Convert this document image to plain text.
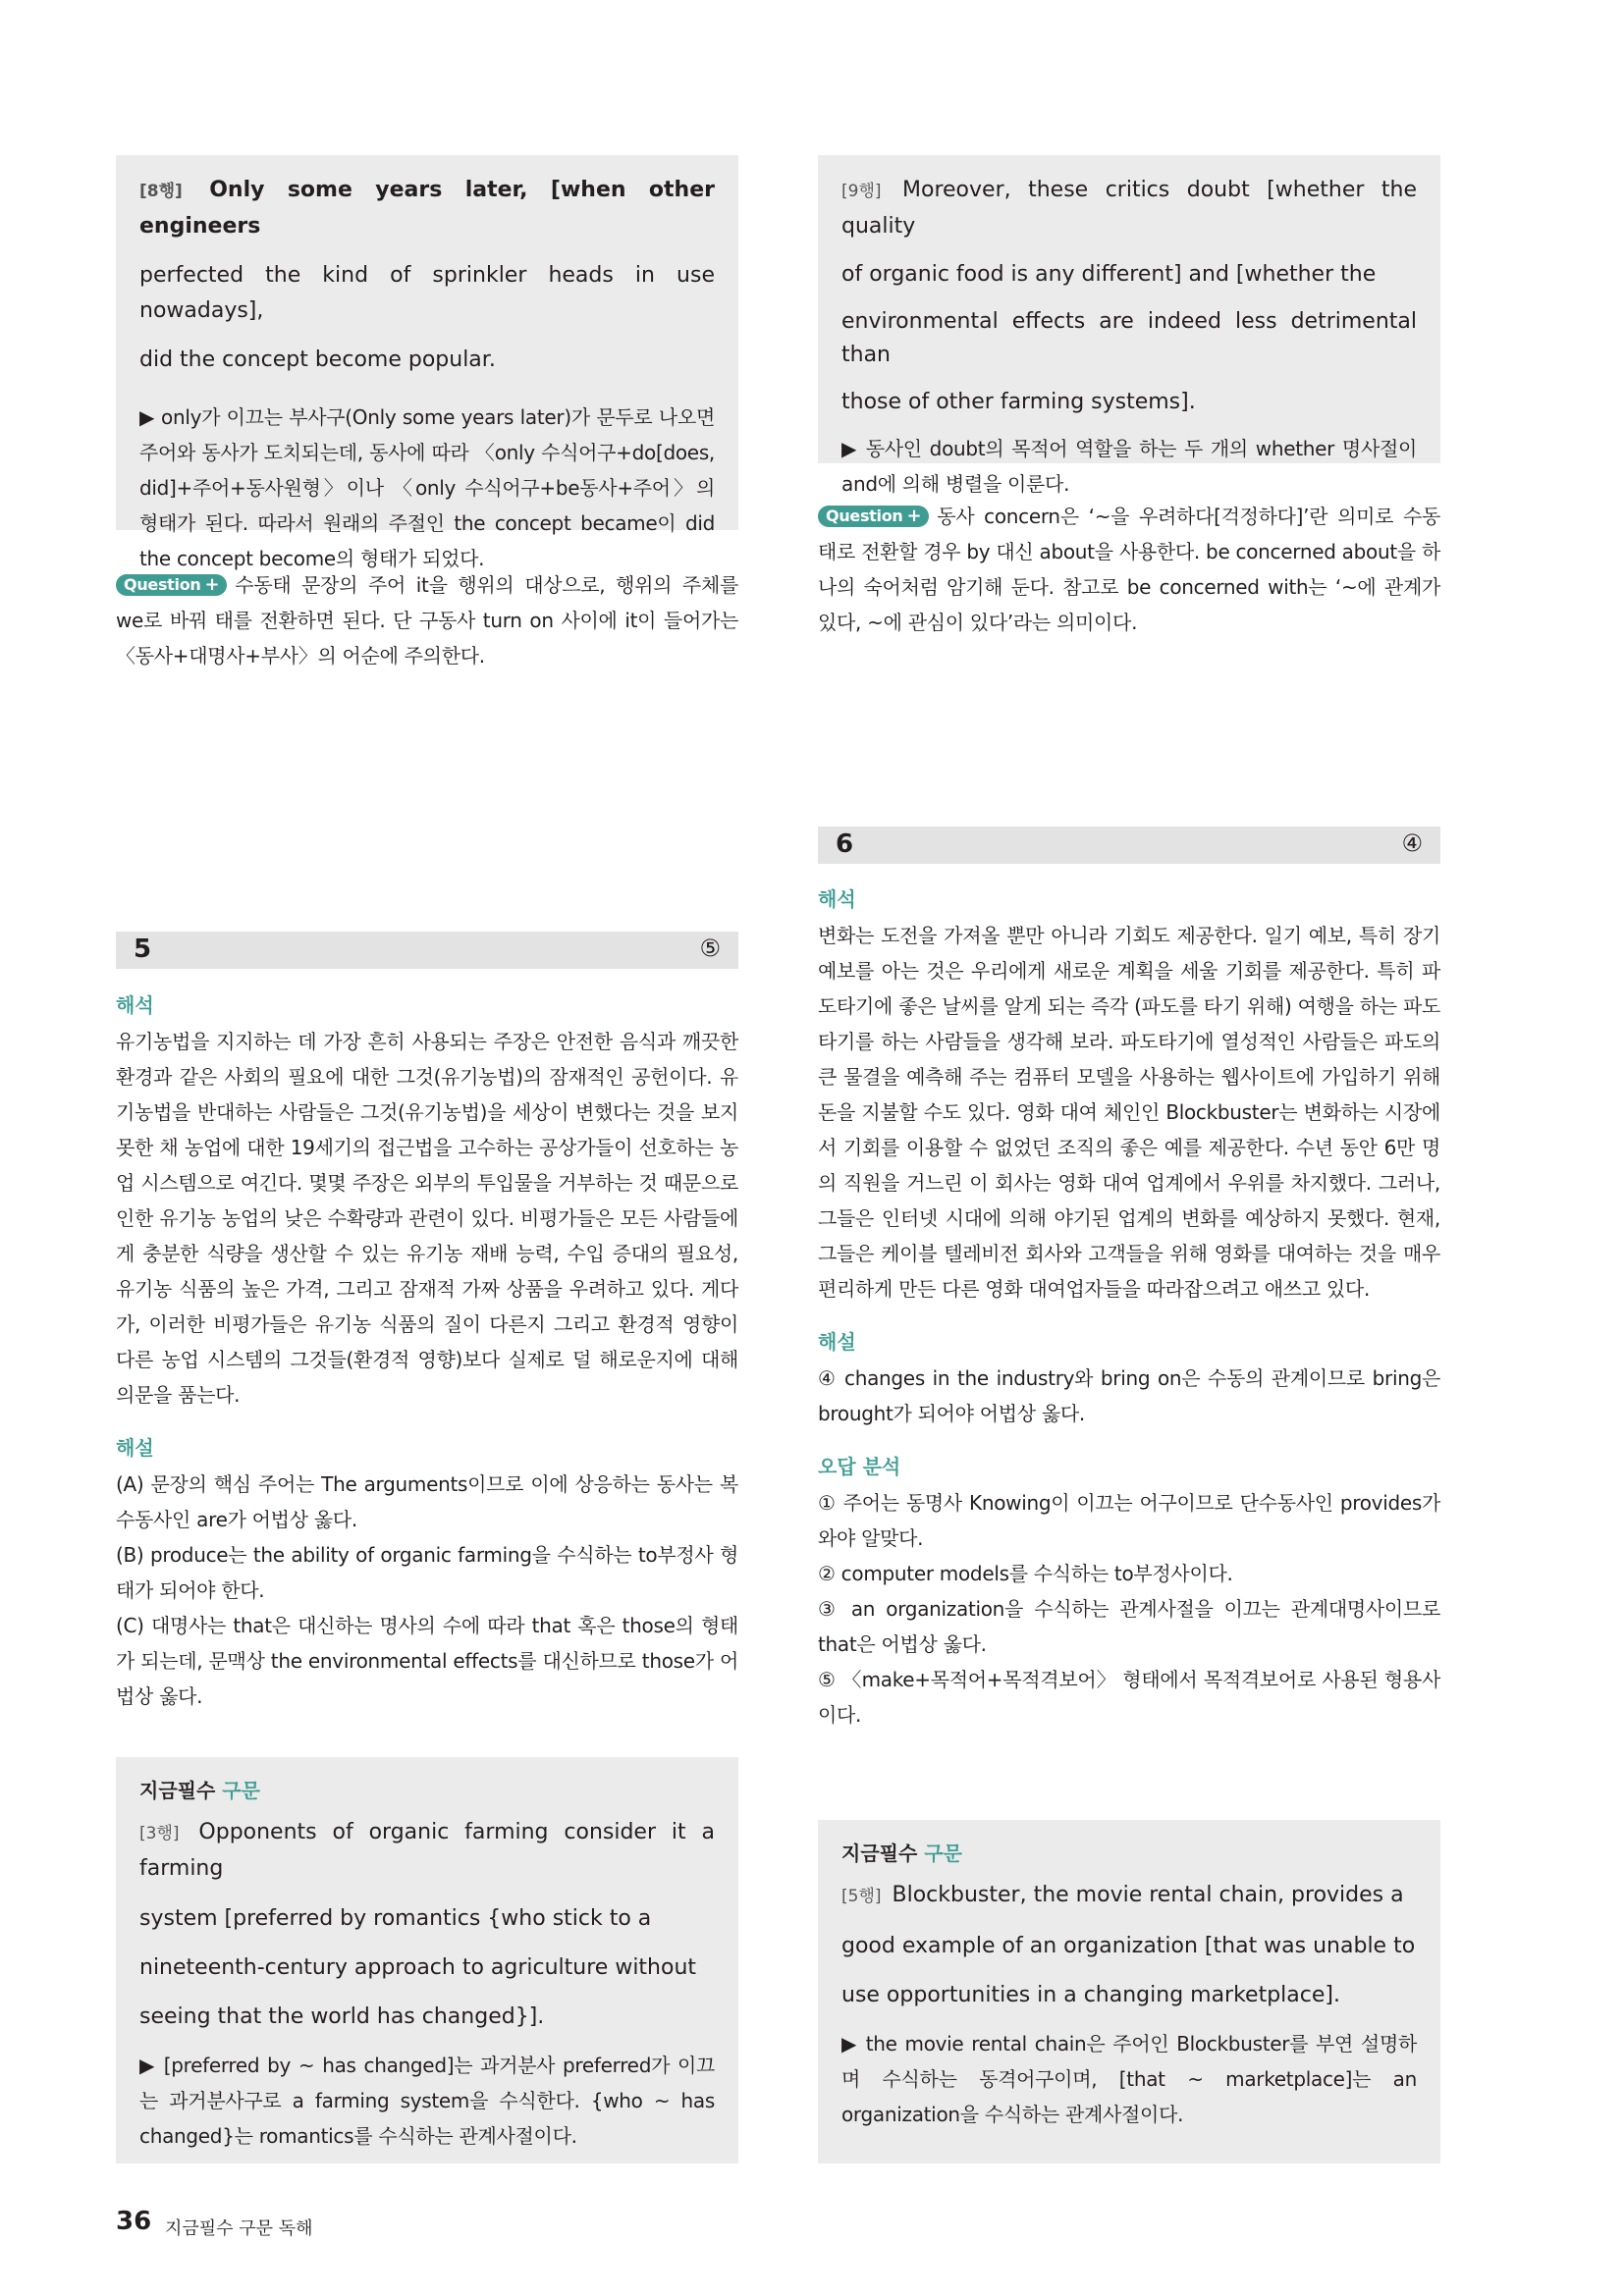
[8행] Only some years later, [when other engineers

perfected the kind of sprinkler heads in use nowadays],

did the concept become popular.

▶ only가 이끄는 부사구(Only some years later)가 문두로 나오면 주어와 동사가 도치되는데, 동사에 따라 〈only 수식어구+do[does, did]+주어+동사원형〉이나 〈only 수식어구+be동사+주어〉의 형태가 된다. 따라서 원래의 주절인 the concept became이 did the concept become의 형태가 되었다.

Question + 수동태 문장의 주어 it을 행위의 대상으로, 행위의 주체를 we로 바꿔 태를 전환하면 된다. 단 구동사 turn on 사이에 it이 들어가는 〈동사+대명사+부사〉의 어순에 주의한다.

5	⑤

해석

유기농법을 지지하는 데 가장 흔히 사용되는 주장은 안전한 음식과 깨끗한 환경과 같은 사회의 필요에 대한 그것(유기농법)의 잠재적인 공헌이다. 유기농법을 반대하는 사람들은 그것(유기농법)을 세상이 변했다는 것을 보지 못한 채 농업에 대한 19세기의 접근법을 고수하는 공상가들이 선호하는 농업 시스템으로 여긴다. 몇몇 주장은 외부의 투입물을 거부하는 것 때문으로 인한 유기농 농업의 낮은 수확량과 관련이 있다. 비평가들은 모든 사람들에게 충분한 식량을 생산할 수 있는 유기농 재배 능력, 수입 증대의 필요성, 유기농 식품의 높은 가격, 그리고 잠재적 가짜 상품을 우려하고 있다. 게다가, 이러한 비평가들은 유기농 식품의 질이 다른지 그리고 환경적 영향이 다른 농업 시스템의 그것들(환경적 영향)보다 실제로 덜 해로운지에 대해 의문을 품는다.

해설

(A) 문장의 핵심 주어는 The arguments이므로 이에 상응하는 동사는 복수동사인 are가 어법상 옳다.

(B) produce는 the ability of organic farming을 수식하는 to부정사 형태가 되어야 한다.

(C) 대명사는 that은 대신하는 명사의 수에 따라 that 혹은 those의 형태가 되는데, 문맥상 the environmental effects를 대신하므로 those가 어법상 옳다.

지금필수 구문

[3행] Opponents of organic farming consider it a farming

system [preferred by romantics {who stick to a

nineteenth-century approach to agriculture without

seeing that the world has changed}].

▶ [preferred by ~ has changed]는 과거분사 preferred가 이끄는 과거분사구로 a farming system을 수식한다. {who ~ has changed}는 romantics를 수식하는 관계사절이다.

[9행] Moreover, these critics doubt [whether the quality

of organic food is any different] and [whether the

environmental effects are indeed less detrimental than

those of other farming systems].

▶ 동사인 doubt의 목적어 역할을 하는 두 개의 whether 명사절이 and에 의해 병렬을 이룬다.

Question + 동사 concern은 ‘~을 우려하다[걱정하다]’란 의미로 수동태로 전환할 경우 by 대신 about을 사용한다. be concerned about을 하나의 숙어처럼 암기해 둔다. 참고로 be concerned with는 ‘~에 관계가 있다, ~에 관심이 있다’라는 의미이다.

6	④

해석

변화는 도전을 가져올 뿐만 아니라 기회도 제공한다. 일기 예보, 특히 장기 예보를 아는 것은 우리에게 새로운 계획을 세울 기회를 제공한다. 특히 파도타기에 좋은 날씨를 알게 되는 즉각 (파도를 타기 위해) 여행을 하는 파도타기를 하는 사람들을 생각해 보라. 파도타기에 열성적인 사람들은 파도의 큰 물결을 예측해 주는 컴퓨터 모델을 사용하는 웹사이트에 가입하기 위해 돈을 지불할 수도 있다. 영화 대여 체인인 Blockbuster는 변화하는 시장에서 기회를 이용할 수 없었던 조직의 좋은 예를 제공한다. 수년 동안 6만 명의 직원을 거느린 이 회사는 영화 대여 업계에서 우위를 차지했다. 그러나, 그들은 인터넷 시대에 의해 야기된 업계의 변화를 예상하지 못했다. 현재, 그들은 케이블 텔레비전 회사와 고객들을 위해 영화를 대여하는 것을 매우 편리하게 만든 다른 영화 대여업자들을 따라잡으려고 애쓰고 있다.

해설

④ changes in the industry와 bring on은 수동의 관계이므로 bring은 brought가 되어야 어법상 옳다.

오답 분석

① 주어는 동명사 Knowing이 이끄는 어구이므로 단수동사인 provides가 와야 알맞다.

② computer models를 수식하는 to부정사이다.

③ an organization을 수식하는 관계사절을 이끄는 관계대명사이므로 that은 어법상 옳다.

⑤ 〈make+목적어+목적격보어〉 형태에서 목적격보어로 사용된 형용사이다.

지금필수 구문

[5행] Blockbuster, the movie rental chain, provides a

good example of an organization [that was unable to

use opportunities in a changing marketplace].

▶ the movie rental chain은 주어인 Blockbuster를 부연 설명하며 수식하는 동격어구이며, [that ~ marketplace]는 an organization을 수식하는 관계사절이다.

36 지금필수 구문 독해
